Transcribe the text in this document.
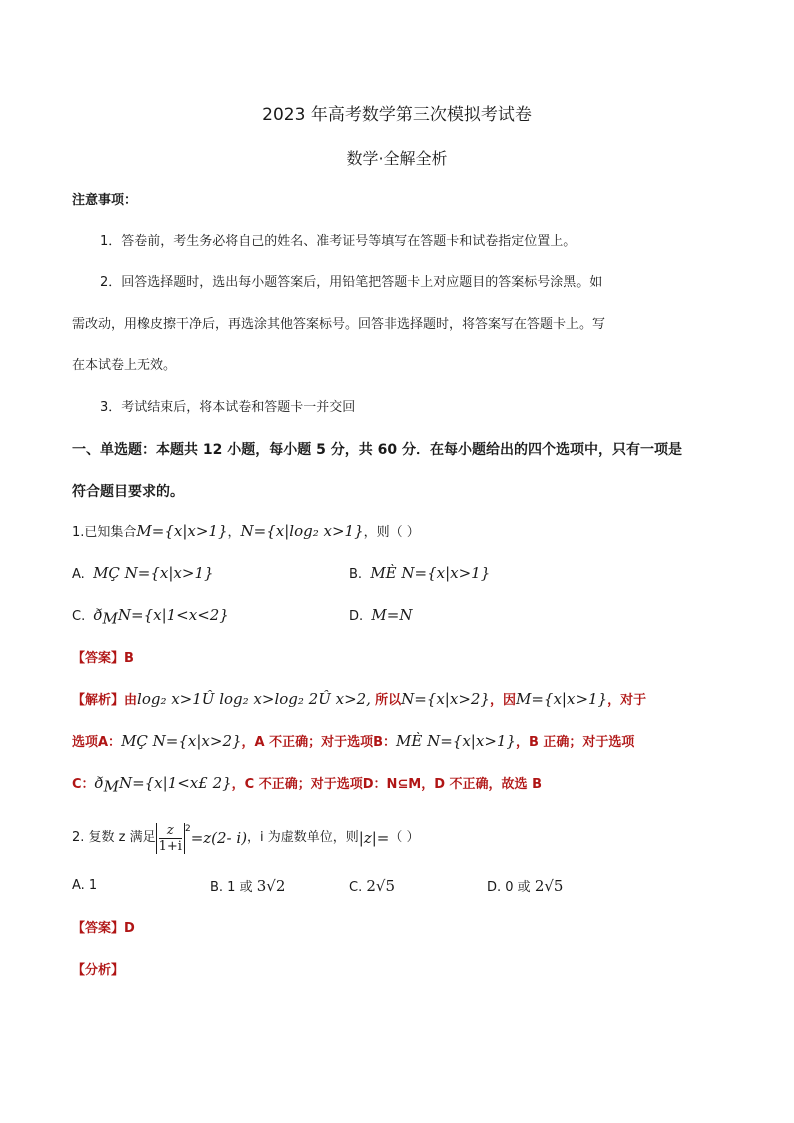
2023 年高考数学第三次模拟考试卷
数学·全解全析
注意事项：
1．答卷前，考生务必将自己的姓名、准考证号等填写在答题卡和试卷指定位置上。
2．回答选择题时，选出每小题答案后，用铅笔把答题卡上对应题目的答案标号涂黑。如
需改动，用橡皮擦干净后，再选涂其他答案标号。回答非选择题时，将答案写在答题卡上。写
在本试卷上无效。
3．考试结束后，将本试卷和答题卡一并交回
一、单选题：本题共 12 小题，每小题 5 分，共 60 分．在每小题给出的四个选项中，只有一项是
符合题目要求的。
1.已知集合M={x|x>1}，N={x|log₂ x>1}，则（ ）
A. MÇ N={x|x>1}	B. MÈ N={x|x>1}
C. $ð_MN=\{x|1<x<2\}$	D. M=N
【答案】B
【解析】由log₂ x>1Û log₂ x>log₂ 2Û x>2, 所以N={x|x>2}，因M={x|x>1}，对于
选项A：MÇ N={x|x>2}，A 不正确；对于选项B：MÈ N={x|x>1}，B 正确；对于选项
C：$ð_MN=\{x|1<x£$ 2}，C 不正确；对于选项D：N⊆M，D 不正确，故选 B
2. 复数 z 满足 $\frac{z}{1+i} ^2 =z(2-$ i) ，i 为虚数单位，则 |z|= （ ）
A. 1	B. 1 或 3√2	C. 2√5	D. 0 或 2√5
【答案】D
【分析】
